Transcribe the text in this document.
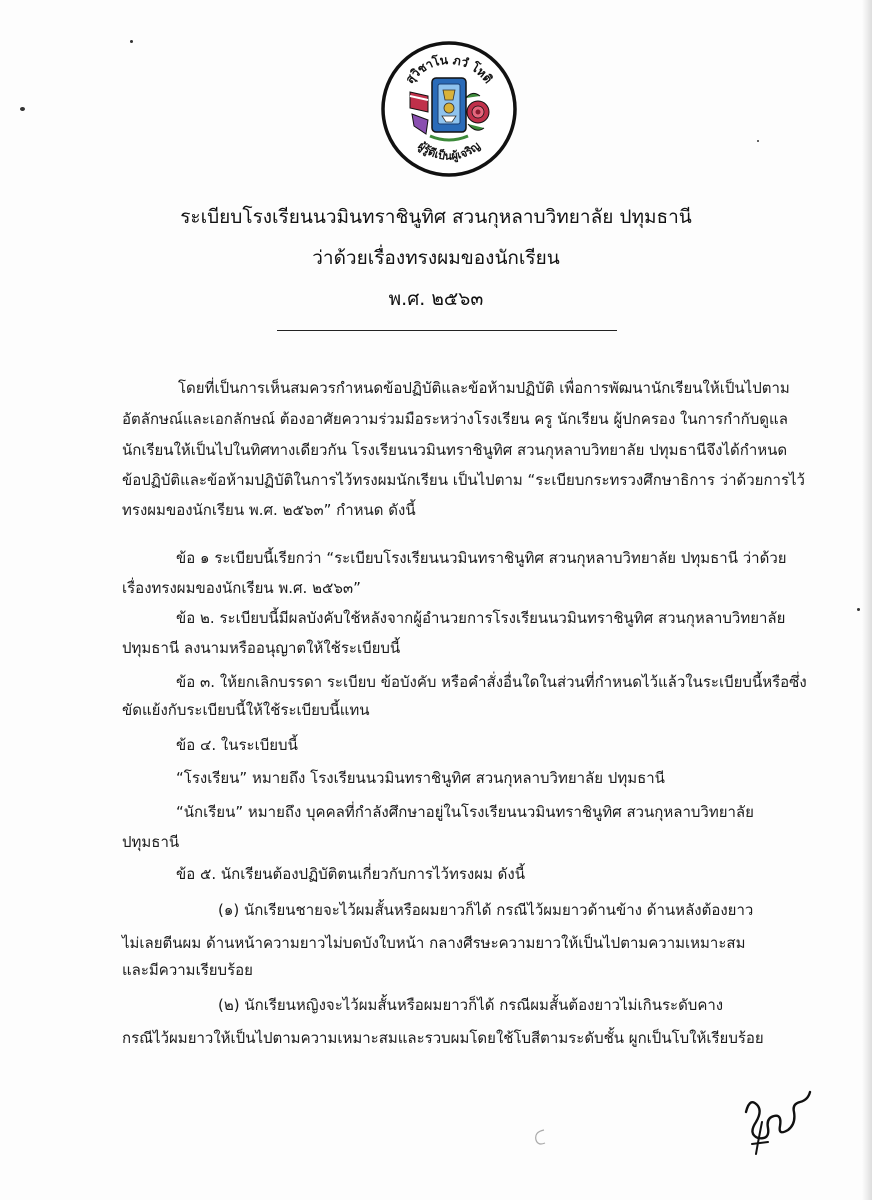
สุวิชาโน ภวํ โหติ
ผู้รู้ดีเป็นผู้เจริญ
ระเบียบโรงเรียนนวมินทราชินูทิศ สวนกุหลาบวิทยาลัย ปทุมธานี
ว่าด้วยเรื่องทรงผมของนักเรียน
พ.ศ. ๒๕๖๓
โดยที่เป็นการเห็นสมควรกำหนดข้อปฏิบัติและข้อห้ามปฏิบัติ เพื่อการพัฒนานักเรียนให้เป็นไปตาม
อัตลักษณ์และเอกลักษณ์ ต้องอาศัยความร่วมมือระหว่างโรงเรียน ครู นักเรียน ผู้ปกครอง ในการกำกับดูแล
นักเรียนให้เป็นไปในทิศทางเดียวกัน โรงเรียนนวมินทราชินูทิศ สวนกุหลาบวิทยาลัย ปทุมธานีจึงได้กำหนด
ข้อปฏิบัติและข้อห้ามปฏิบัติในการไว้ทรงผมนักเรียน เป็นไปตาม “ระเบียบกระทรวงศึกษาธิการ ว่าด้วยการไว้
ทรงผมของนักเรียน พ.ศ. ๒๕๖๓” กำหนด ดังนี้
ข้อ ๑ ระเบียบนี้เรียกว่า “ระเบียบโรงเรียนนวมินทราชินูทิศ สวนกุหลาบวิทยาลัย ปทุมธานี ว่าด้วย
เรื่องทรงผมของนักเรียน พ.ศ. ๒๕๖๓”
ข้อ ๒. ระเบียบนี้มีผลบังคับใช้หลังจากผู้อำนวยการโรงเรียนนวมินทราชินูทิศ สวนกุหลาบวิทยาลัย
ปทุมธานี ลงนามหรืออนุญาตให้ใช้ระเบียบนี้
ข้อ ๓. ให้ยกเลิกบรรดา ระเบียบ ข้อบังคับ หรือคำสั่งอื่นใดในส่วนที่กำหนดไว้แล้วในระเบียบนี้หรือซึ่ง
ขัดแย้งกับระเบียบนี้ให้ใช้ระเบียบนี้แทน
ข้อ ๔. ในระเบียบนี้
“โรงเรียน” หมายถึง โรงเรียนนวมินทราชินูทิศ สวนกุหลาบวิทยาลัย ปทุมธานี
“นักเรียน” หมายถึง บุคคลที่กำลังศึกษาอยู่ในโรงเรียนนวมินทราชินูทิศ สวนกุหลาบวิทยาลัย
ปทุมธานี
ข้อ ๕. นักเรียนต้องปฏิบัติตนเกี่ยวกับการไว้ทรงผม ดังนี้
(๑) นักเรียนชายจะไว้ผมสั้นหรือผมยาวก็ได้ กรณีไว้ผมยาวด้านข้าง ด้านหลังต้องยาว
ไม่เลยตีนผม ด้านหน้าความยาวไม่บดบังใบหน้า กลางศีรษะความยาวให้เป็นไปตามความเหมาะสม
และมีความเรียบร้อย
(๒) นักเรียนหญิงจะไว้ผมสั้นหรือผมยาวก็ได้ กรณีผมสั้นต้องยาวไม่เกินระดับคาง
กรณีไว้ผมยาวให้เป็นไปตามความเหมาะสมและรวบผมโดยใช้โบสีตามระดับชั้น ผูกเป็นโบให้เรียบร้อย
